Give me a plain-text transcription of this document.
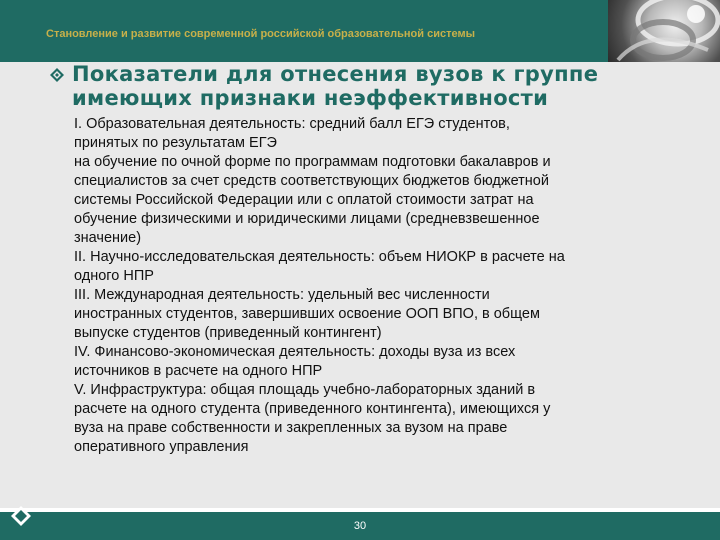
Становление и развитие современной российской образовательной системы
Показатели для отнесения вузов к группе
имеющих признаки неэффективности
I. Образовательная деятельность: средний балл ЕГЭ студентов,
принятых по результатам ЕГЭ
на обучение по очной форме по программам подготовки бакалавров и
специалистов за счет средств соответствующих бюджетов бюджетной
системы Российской Федерации или с оплатой стоимости затрат на
обучение физическими и юридическими лицами (средневзвешенное
значение)
II. Научно-исследовательская деятельность: объем НИОКР в расчете на
одного НПР
III. Международная деятельность: удельный вес численности
иностранных студентов, завершивших освоение ООП ВПО, в общем
выпуске студентов (приведенный контингент)
IV. Финансово-экономическая деятельность: доходы вуза из всех
источников в расчете на одного НПР
V. Инфраструктура: общая площадь учебно-лабораторных зданий в
расчете на одного студента (приведенного контингента), имеющихся у
вуза на праве собственности и закрепленных за вузом на праве
оперативного управления
30
